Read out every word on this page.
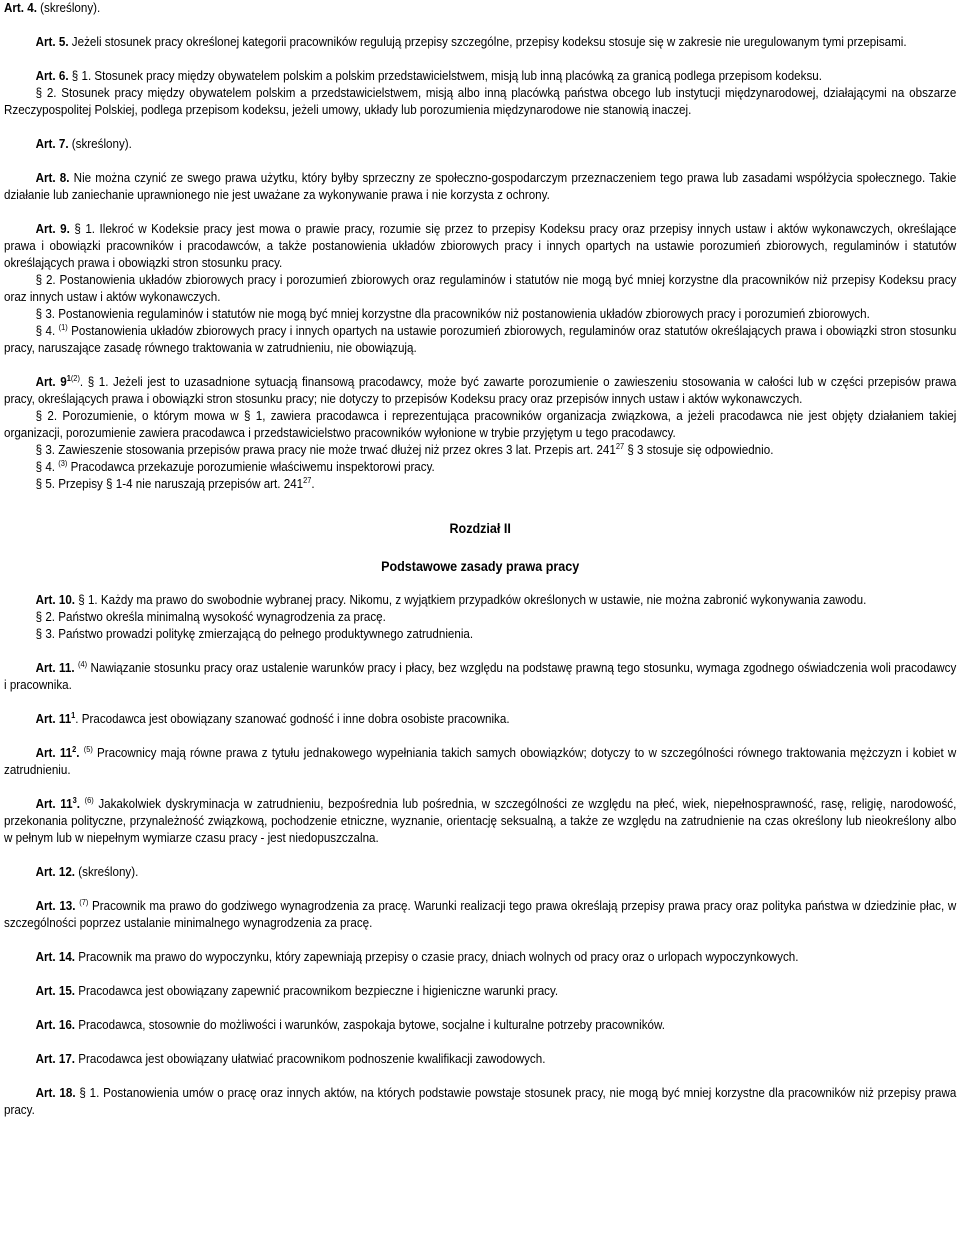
Art. 4. (skreślony).

Art. 5. Jeżeli stosunek pracy określonej kategorii pracowników regulują przepisy szczególne, przepisy kodeksu stosuje się w zakresie nie uregulowanym tymi przepisami.

Art. 6. § 1. Stosunek pracy między obywatelem polskim a polskim przedstawicielstwem, misją lub inną placówką za granicą podlega przepisom kodeksu.

§ 2. Stosunek pracy między obywatelem polskim a przedstawicielstwem, misją albo inną placówką państwa obcego lub instytucji międzynarodowej, działającymi na obszarze Rzeczypospolitej Polskiej, podlega przepisom kodeksu, jeżeli umowy, układy lub porozumienia międzynarodowe nie stanowią inaczej.

Art. 7. (skreślony).

Art. 8. Nie można czynić ze swego prawa użytku, który byłby sprzeczny ze społeczno-gospodarczym przeznaczeniem tego prawa lub zasadami współżycia społecznego. Takie działanie lub zaniechanie uprawnionego nie jest uważane za wykonywanie prawa i nie korzysta z ochrony.

Art. 9. § 1. Ilekroć w Kodeksie pracy jest mowa o prawie pracy, rozumie się przez to przepisy Kodeksu pracy oraz przepisy innych ustaw i aktów wykonawczych, określające prawa i obowiązki pracowników i pracodawców, a także postanowienia układów zbiorowych pracy i innych opartych na ustawie porozumień zbiorowych, regulaminów i statutów określających prawa i obowiązki stron stosunku pracy.

§ 2. Postanowienia układów zbiorowych pracy i porozumień zbiorowych oraz regulaminów i statutów nie mogą być mniej korzystne dla pracowników niż przepisy Kodeksu pracy oraz innych ustaw i aktów wykonawczych.

§ 3. Postanowienia regulaminów i statutów nie mogą być mniej korzystne dla pracowników niż postanowienia układów zbiorowych pracy i porozumień zbiorowych.

§ 4. $^{(1)}$ Postanowienia układów zbiorowych pracy i innych opartych na ustawie porozumień zbiorowych, regulaminów oraz statutów określających prawa i obowiązki stron stosunku pracy, naruszające zasadę równego traktowania w zatrudnieniu, nie obowiązują.

Art. $9^{1(2)}$. § 1. Jeżeli jest to uzasadnione sytuacją finansową pracodawcy, może być zawarte porozumienie o zawieszeniu stosowania w całości lub w części przepisów prawa pracy, określających prawa i obowiązki stron stosunku pracy; nie dotyczy to przepisów Kodeksu pracy oraz przepisów innych ustaw i aktów wykonawczych.

§ 2. Porozumienie, o którym mowa w § 1, zawiera pracodawca i reprezentująca pracowników organizacja związkowa, a jeżeli pracodawca nie jest objęty działaniem takiej organizacji, porozumienie zawiera pracodawca i przedstawicielstwo pracowników wyłonione w trybie przyjętym u tego pracodawcy.

§ 3. Zawieszenie stosowania przepisów prawa pracy nie może trwać dłużej niż przez okres 3 lat. Przepis art. $241^{27}$ § 3 stosuje się odpowiednio.

§ 4. $^{(3)}$ Pracodawca przekazuje porozumienie właściwemu inspektorowi pracy.

§ 5. Przepisy § 1-4 nie naruszają przepisów art. $241^{27}$.

Rozdział II

Podstawowe zasady prawa pracy

Art. 10. § 1. Każdy ma prawo do swobodnie wybranej pracy. Nikomu, z wyjątkiem przypadków określonych w ustawie, nie można zabronić wykonywania zawodu.

§ 2. Państwo określa minimalną wysokość wynagrodzenia za pracę.

§ 3. Państwo prowadzi politykę zmierzającą do pełnego produktywnego zatrudnienia.

Art. 11. $^{(4)}$ Nawiązanie stosunku pracy oraz ustalenie warunków pracy i płacy, bez względu na podstawę prawną tego stosunku, wymaga zgodnego oświadczenia woli pracodawcy i pracownika.

Art. $11^1$. Pracodawca jest obowiązany szanować godność i inne dobra osobiste pracownika.

Art. $11^2$. $^{(5)}$ Pracownicy mają równe prawa z tytułu jednakowego wypełniania takich samych obowiązków; dotyczy to w szczególności równego traktowania mężczyzn i kobiet w zatrudnieniu.

Art. $11^3$. $^{(6)}$ Jakakolwiek dyskryminacja w zatrudnieniu, bezpośrednia lub pośrednia, w szczególności ze względu na płeć, wiek, niepełnosprawność, rasę, religię, narodowość, przekonania polityczne, przynależność związkową, pochodzenie etniczne, wyznanie, orientację seksualną, a także ze względu na zatrudnienie na czas określony lub nieokreślony albo w pełnym lub w niepełnym wymiarze czasu pracy - jest niedopuszczalna.

Art. 12. (skreślony).

Art. 13. $^{(7)}$ Pracownik ma prawo do godziwego wynagrodzenia za pracę. Warunki realizacji tego prawa określają przepisy prawa pracy oraz polityka państwa w dziedzinie płac, w szczególności poprzez ustalanie minimalnego wynagrodzenia za pracę.

Art. 14. Pracownik ma prawo do wypoczynku, który zapewniają przepisy o czasie pracy, dniach wolnych od pracy oraz o urlopach wypoczynkowych.

Art. 15. Pracodawca jest obowiązany zapewnić pracownikom bezpieczne i higieniczne warunki pracy.

Art. 16. Pracodawca, stosownie do możliwości i warunków, zaspokaja bytowe, socjalne i kulturalne potrzeby pracowników.

Art. 17. Pracodawca jest obowiązany ułatwiać pracownikom podnoszenie kwalifikacji zawodowych.

Art. 18. § 1. Postanowienia umów o pracę oraz innych aktów, na których podstawie powstaje stosunek pracy, nie mogą być mniej korzystne dla pracowników niż przepisy prawa pracy.
